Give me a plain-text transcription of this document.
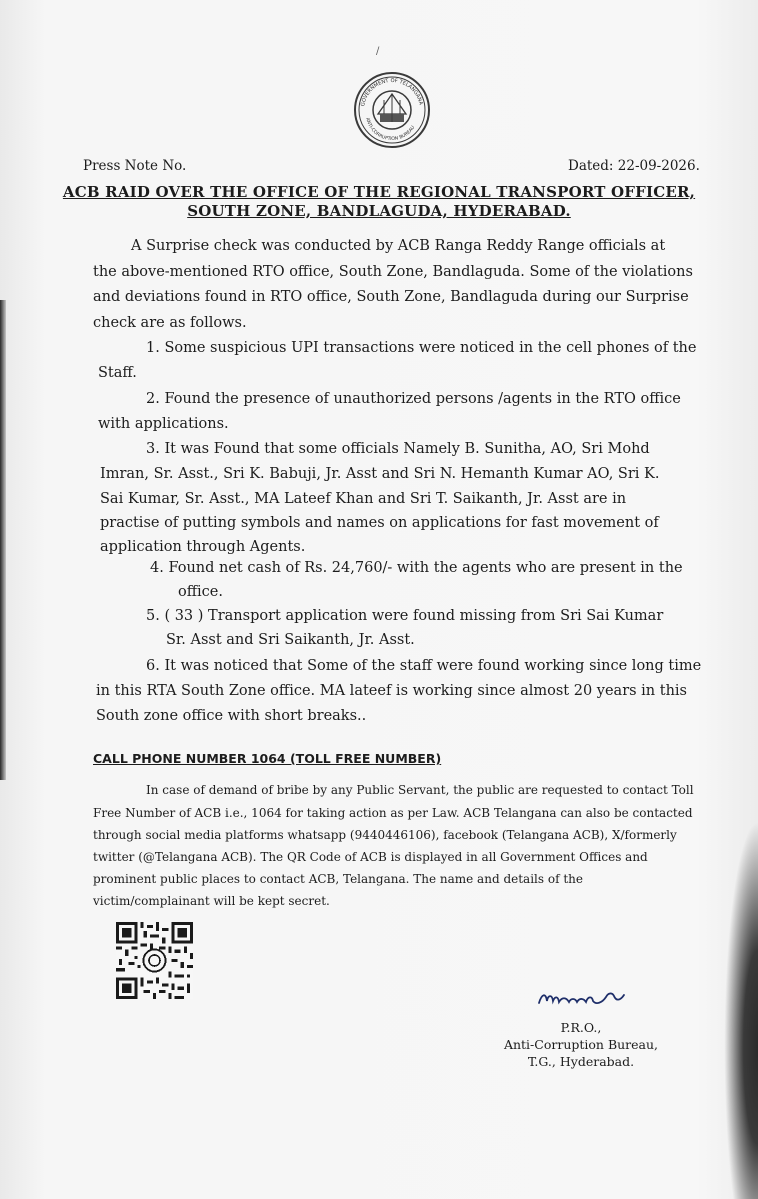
/
GOVERNMENT OF TELANGANA
ANTI-CORRUPTION BUREAU
Press Note No.	Dated: 22-09-2026.
ACB RAID OVER THE OFFICE OF THE REGIONAL TRANSPORT OFFICER,
SOUTH ZONE, BANDLAGUDA, HYDERABAD.
A Surprise check was conducted by ACB Ranga Reddy Range officials at
the above-mentioned RTO office, South Zone, Bandlaguda. Some of the violations
and deviations found in RTO office, South Zone, Bandlaguda during our Surprise
check are as follows.
1. Some suspicious UPI transactions were noticed in the cell phones of the
Staff.
2. Found the presence of unauthorized persons /agents in the RTO office
with applications.
3. It was Found that some officials Namely B. Sunitha, AO, Sri Mohd
Imran, Sr. Asst., Sri K. Babuji, Jr. Asst and Sri N. Hemanth Kumar AO, Sri K.
Sai Kumar, Sr. Asst., MA Lateef Khan and Sri T. Saikanth, Jr. Asst are in
practise of putting symbols and names on applications for fast movement of
application through Agents.
4. Found net cash of Rs. 24,760/- with the agents who are present in the
office.
5. ( 33 ) Transport application were found missing from Sri Sai Kumar
Sr. Asst and Sri Saikanth, Jr. Asst.
6. It was noticed that Some of the staff were found working since long time
in this RTA South Zone office. MA lateef is working since almost 20 years in this
South zone office with short breaks..
CALL PHONE NUMBER 1064 (TOLL FREE NUMBER)
In case of demand of bribe by any Public Servant, the public are requested to contact Toll
Free Number of ACB i.e., 1064 for taking action as per Law. ACB Telangana can also be contacted
through social media platforms whatsapp (9440446106), facebook (Telangana ACB), X/formerly
twitter (@Telangana ACB). The QR Code of ACB is displayed in all Government Offices and
prominent public places to contact ACB, Telangana. The name and details of the
victim/complainant will be kept secret.
P.R.O.,
Anti-Corruption Bureau,
T.G., Hyderabad.
